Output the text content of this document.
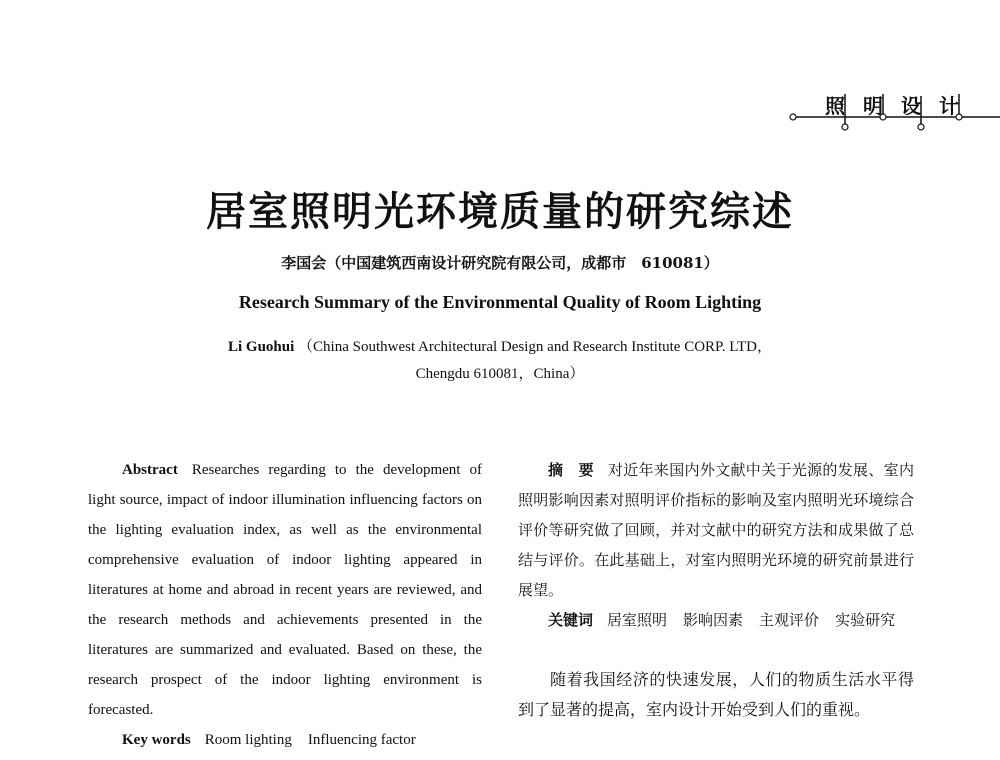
照 明 设 计
居室照明光环境质量的研究综述
李国会（中国建筑西南设计研究院有限公司，成都市　610081）
Research Summary of the Environmental Quality of Room Lighting
Li Guohui （China Southwest Architectural Design and Research Institute CORP. LTD，
Chengdu 610081，China）

Abstract Researches regarding to the development of light source, impact of indoor illumination influencing factors on the lighting evaluation index, as well as the environmental comprehensive evaluation of indoor lighting appeared in literatures at home and abroad in recent years are reviewed, and the research methods and achievements presented in the literatures are summarized and evaluated. Based on these, the research prospect of the indoor lighting environment is forecasted.

Key words Room lighting Influencing factor

摘　要 对近年来国内外文献中关于光源的发展、室内照明影响因素对照明评价指标的影响及室内照明光环境综合评价等研究做了回顾，并对文献中的研究方法和成果做了总结与评价。在此基础上，对室内照明光环境的研究前景进行展望。

关键词 居室照明 影响因素 主观评价 实验研究

随着我国经济的快速发展，人们的物质生活水平得到了显著的提高，室内设计开始受到人们的重视。
